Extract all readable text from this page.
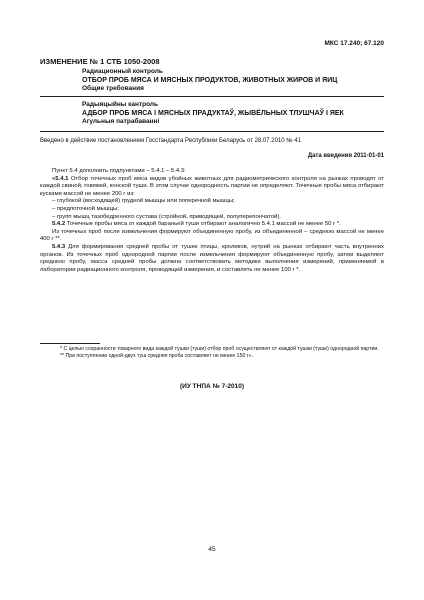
МКС 17.240; 67.120
ИЗМЕНЕНИЕ № 1 СТБ 1050-2008
Радиационный контроль
ОТБОР ПРОБ МЯСА И МЯСНЫХ ПРОДУКТОВ, ЖИВОТНЫХ ЖИРОВ И ЯИЦ
Общие требования
Радыяцыйны кантроль
АДБОР ПРОБ МЯСА І МЯСНЫХ ПРАДУКТАЎ, ЖЫВЁЛЬНЫХ ТЛУШЧАЎ І ЯЕК
Агульныя патрабаванні
Введено в действие постановлением Госстандарта Республики Беларусь от 28.07.2010 № 41
Дата введения 2011-01-01

Пункт 5.4 дополнить подпунктами – 5.4.1 – 5.4.3:

«5.4.1 Отбор точечных проб мяса видов убойных животных для радиометрического контроля на рынках проводят от каждой свиной, говяжей, конской туши. В этом случае однородность партии не определяют. Точечные пробы мяса отбирают кусками массой не менее 200 г из:

– глубокой (восходящей) грудной мышцы или поперечной мышцы;

– предпоточной мышцы;

– групп мышц тазобедренного сустава (стройной, приводящей, полуперепончатой).

5.4.2 Точечные пробы мяса от каждой бараньей туши отбирают аналогично 5.4.1 массой не менее 50 г *.

Из точечных проб после измельчения формируют объединенную пробу, из объединенной – среднюю массой не менее 400 г **.

5.4.3 Для формирования средней пробы от тушек птицы, кроликов, нутрий на рынках отбирают часть внутренних органов. Из точечных проб однородной партии после измельчения формируют объединенную пробу, затем выделяют среднюю пробу, масса средней пробы должна соответствовать методике выполнения измерений, применяемой в лаборатории радиационного контроля, проводящей измерения, и составлять не менее 100 г *.

* С целью сохранности товарного вида каждой тушки (туши) отбор проб осуществляют от каждой тушки (туши) однородной партии.

** При поступлении одной-двух туш средняя проба составляет не менее 150 г».

(ИУ ТНПА № 7-2010)
45
